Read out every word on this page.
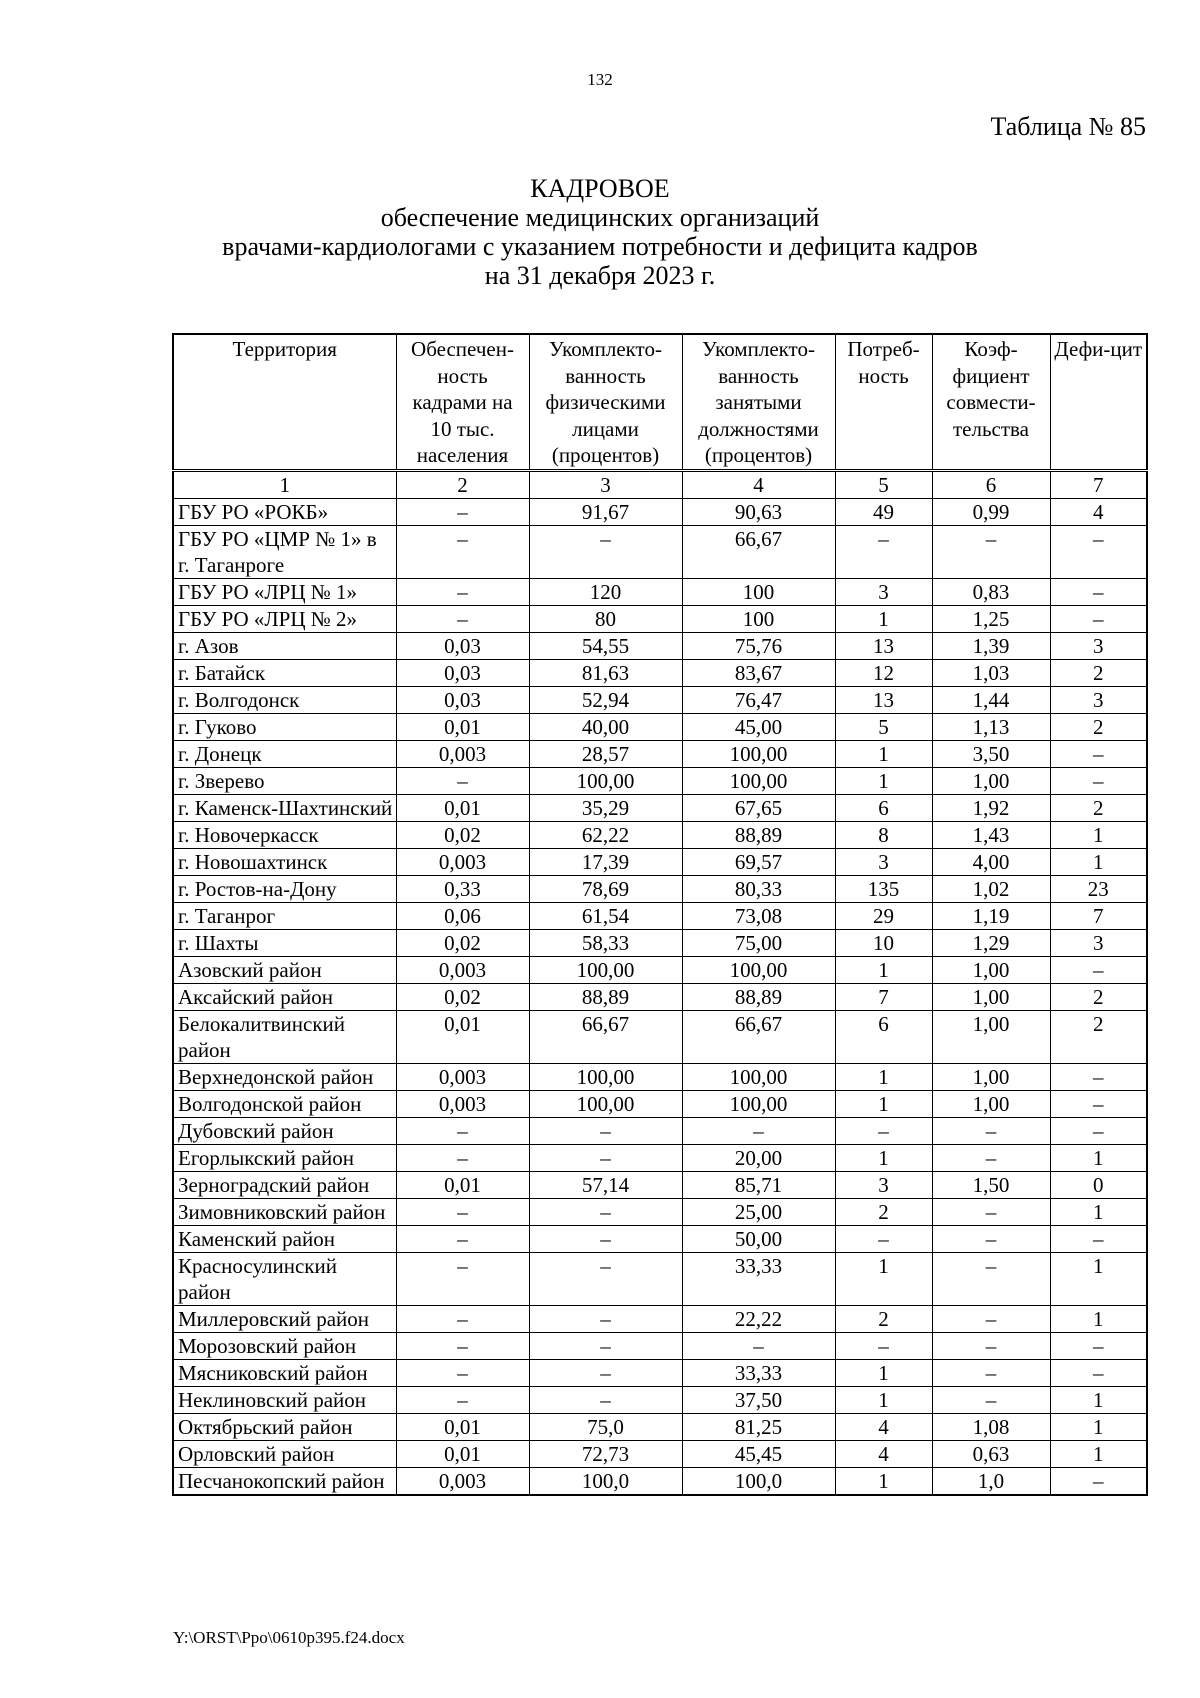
132
Таблица № 85
КАДРОВОЕ
обеспечение медицинских организаций
врачами-кардиологами с указанием потребности и дефицита кадров
на 31 декабря 2023 г.
Территория	Обеспечен-ность кадрами на 10 тыс. населения	Укомплекто-ванность физическими лицами (процентов)	Укомплекто-ванность занятыми должностями (процентов)	Потреб-ность	Коэф-фициент совмести-тельства	Дефи-цит
1	2	3	4	5	6	7
ГБУ РО «РОКБ»	–	91,67	90,63	49	0,99	4
ГБУ РО «ЦМР № 1» в г. Таганроге	–	–	66,67	–	–	–
ГБУ РО «ЛРЦ № 1»	–	120	100	3	0,83	–
ГБУ РО «ЛРЦ № 2»	–	80	100	1	1,25	–
г. Азов	0,03	54,55	75,76	13	1,39	3
г. Батайск	0,03	81,63	83,67	12	1,03	2
г. Волгодонск	0,03	52,94	76,47	13	1,44	3
г. Гуково	0,01	40,00	45,00	5	1,13	2
г. Донецк	0,003	28,57	100,00	1	3,50	–
г. Зверево	–	100,00	100,00	1	1,00	–
г. Каменск-Шахтинский	0,01	35,29	67,65	6	1,92	2
г. Новочеркасск	0,02	62,22	88,89	8	1,43	1
г. Новошахтинск	0,003	17,39	69,57	3	4,00	1
г. Ростов-на-Дону	0,33	78,69	80,33	135	1,02	23
г. Таганрог	0,06	61,54	73,08	29	1,19	7
г. Шахты	0,02	58,33	75,00	10	1,29	3
Азовский район	0,003	100,00	100,00	1	1,00	–
Аксайский район	0,02	88,89	88,89	7	1,00	2
Белокалитвинский район	0,01	66,67	66,67	6	1,00	2
Верхнедонской район	0,003	100,00	100,00	1	1,00	–
Волгодонской район	0,003	100,00	100,00	1	1,00	–
Дубовский район	–	–	–	–	–	–
Егорлыкский район	–	–	20,00	1	–	1
Зерноградский район	0,01	57,14	85,71	3	1,50	0
Зимовниковский район	–	–	25,00	2	–	1
Каменский район	–	–	50,00	–	–	–
Красносулинский район	–	–	33,33	1	–	1
Миллеровский район	–	–	22,22	2	–	1
Морозовский район	–	–	–	–	–	–
Мясниковский район	–	–	33,33	1	–	–
Неклиновский район	–	–	37,50	1	–	1
Октябрьский район	0,01	75,0	81,25	4	1,08	1
Орловский район	0,01	72,73	45,45	4	0,63	1
Песчанокопский район	0,003	100,0	100,0	1	1,0	–
Y:\ORST\Ppo\0610p395.f24.docx
